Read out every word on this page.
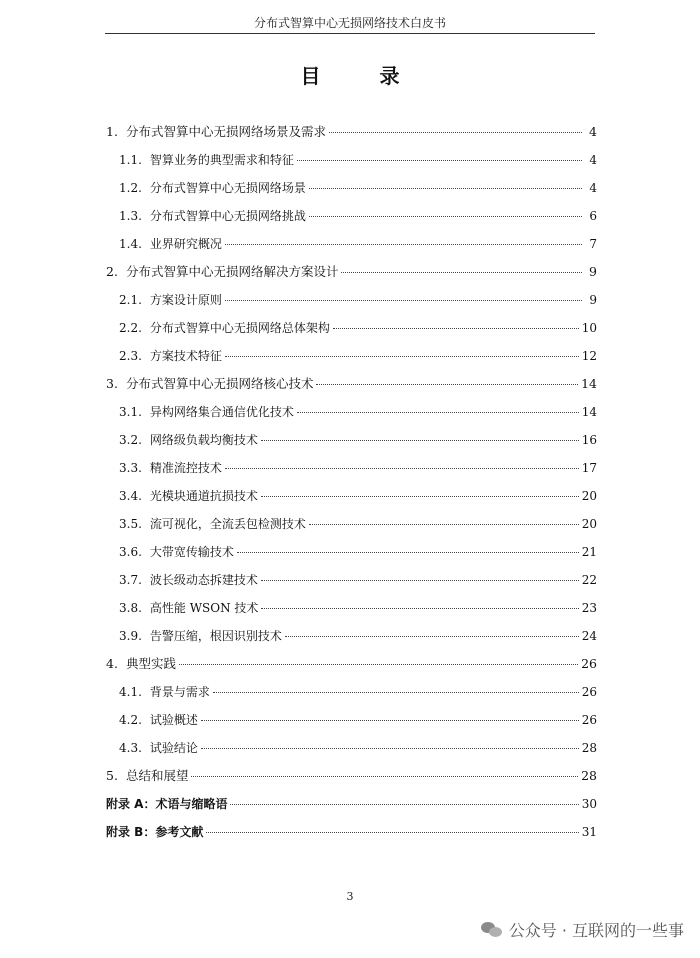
分布式智算中心无损网络技术白皮书
目 录
1. 分布式智算中心无损网络场景及需求	4
1.1. 智算业务的典型需求和特征	4
1.2. 分布式智算中心无损网络场景	4
1.3. 分布式智算中心无损网络挑战	6
1.4. 业界研究概况	7
2. 分布式智算中心无损网络解决方案设计	9
2.1. 方案设计原则	9
2.2. 分布式智算中心无损网络总体架构	10
2.3. 方案技术特征	12
3. 分布式智算中心无损网络核心技术	14
3.1. 异构网络集合通信优化技术	14
3.2. 网络级负载均衡技术	16
3.3. 精准流控技术	17
3.4. 光模块通道抗损技术	20
3.5. 流可视化，全流丢包检测技术	20
3.6. 大带宽传输技术	21
3.7. 波长级动态拆建技术	22
3.8. 高性能 WSON 技术	23
3.9. 告警压缩，根因识别技术	24
4. 典型实践	26
4.1. 背景与需求	26
4.2. 试验概述	26
4.3. 试验结论	28
5. 总结和展望	28
附录 A： 术语与缩略语	30
附录 B： 参考文献	31
3
公众号 · 互联网的一些事
